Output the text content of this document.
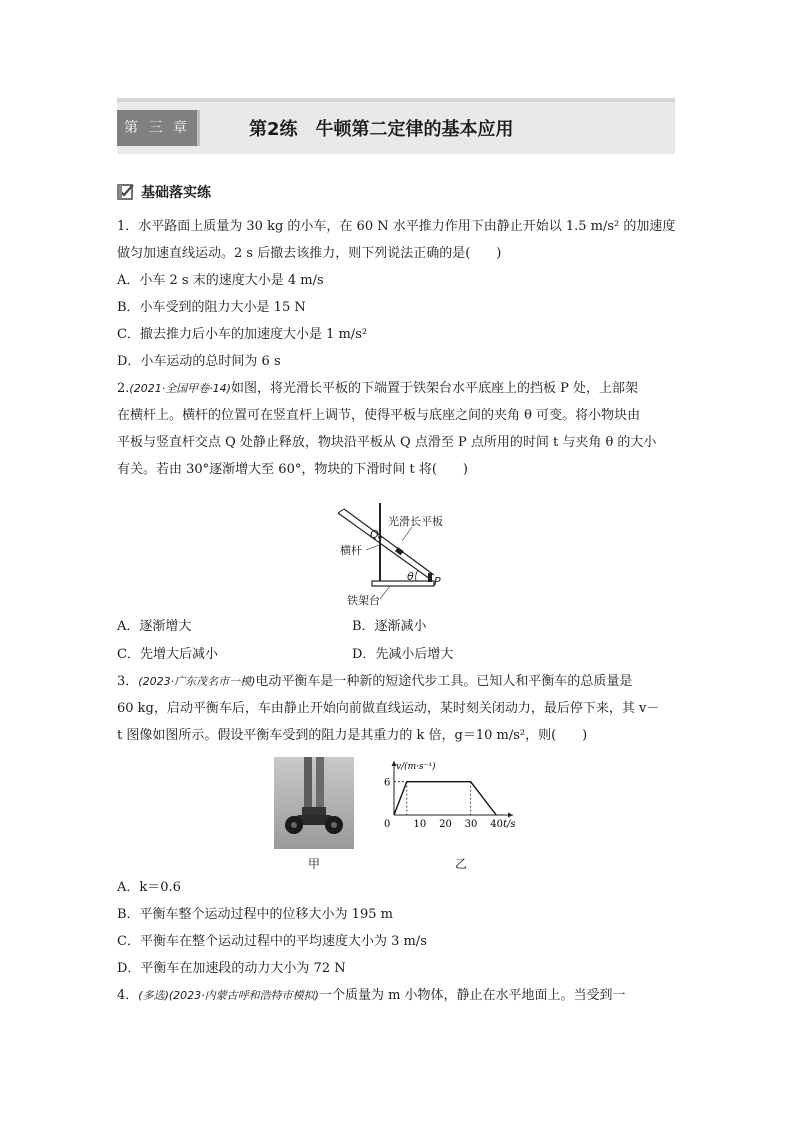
第 三 章	第2练　牛顿第二定律的基本应用
基础落实练
1．水平路面上质量为 30 kg 的小车，在 60 N 水平推力作用下由静止开始以 1.5 m/s² 的加速度
做匀加速直线运动。2 s 后撤去该推力，则下列说法正确的是(　　)
A．小车 2 s 末的速度大小是 4 m/s
B．小车受到的阻力大小是 15 N
C．撤去推力后小车的加速度大小是 1 m/s²
D．小车运动的总时间为 6 s
2.(2021·全国甲卷·14)如图，将光滑长平板的下端置于铁架台水平底座上的挡板 P 处，上部架
在横杆上。横杆的位置可在竖直杆上调节，使得平板与底座之间的夹角 θ 可变。将小物块由
平板与竖直杆交点 Q 处静止释放，物块沿平板从 Q 点滑至 P 点所用的时间 t 与夹角 θ 的大小
有关。若由 30°逐渐增大至 60°，物块的下滑时间 t 将(　　)
光滑长平板
横杆
铁架台
Q
P
θ
A．逐渐增大	B．逐渐减小
C．先增大后减小	D．先减小后增大
3．(2023·广东茂名市一模)电动平衡车是一种新的短途代步工具。已知人和平衡车的总质量是
60 kg，启动平衡车后，车由静止开始向前做直线运动，某时刻关闭动力，最后停下来，其 v－
t 图像如图所示。假设平衡车受到的阻力是其重力的 k 倍，g＝10 m/s²，则(　　)
甲
v/(m·s⁻¹)
t/s
0 10 20 30 40
6
乙
A．k＝0.6
B．平衡车整个运动过程中的位移大小为 195 m
C．平衡车在整个运动过程中的平均速度大小为 3 m/s
D．平衡车在加速段的动力大小为 72 N
4．(多选)(2023·内蒙古呼和浩特市模拟)一个质量为 m 小物体，静止在水平地面上。当受到一
